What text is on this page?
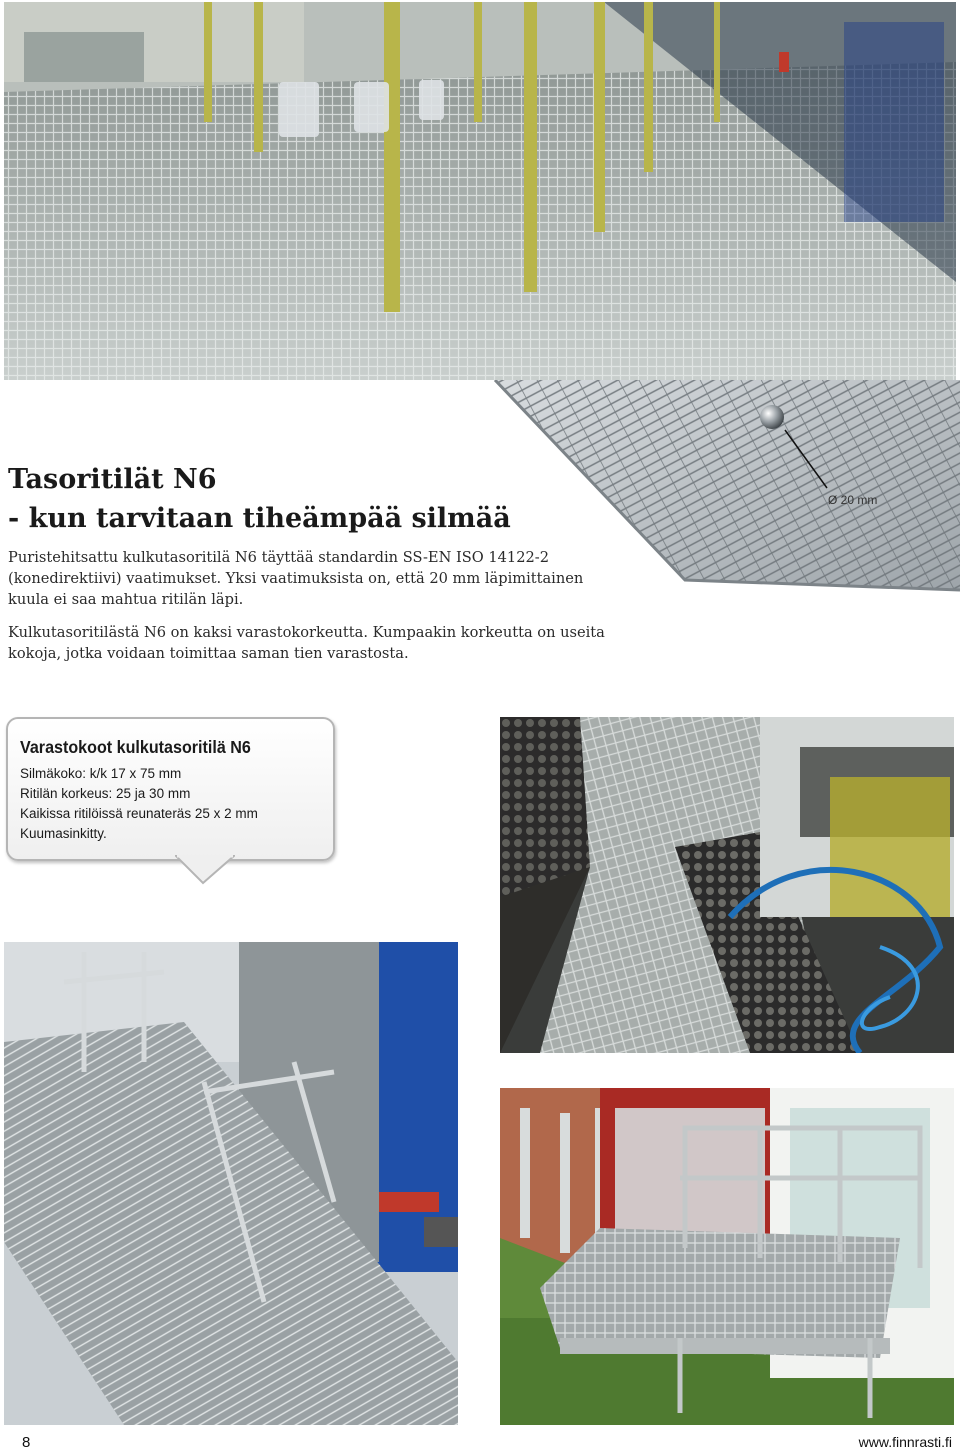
Ø 20 mm
Tasoritilät N6
- kun tarvitaan tiheämpää silmää

Puristehitsattu kulkutasoritilä N6 täyttää standardin SS-EN ISO 14122-2 (konedirektiivi) vaatimukset. Yksi vaatimuksista on, että 20 mm läpimittainen kuula ei saa mahtua ritilän läpi.

Kulkutasoritilästä N6 on kaksi varastokorkeutta. Kumpaakin korkeutta on useita kokoja, jotka voidaan toimittaa saman tien varastosta.

Varastokoot kulkutasoritilä N6
Silmäkoko: k/k 17 x 75 mm
Ritilän korkeus: 25 ja 30 mm
Kaikissa ritilöissä reunateräs 25 x 2 mm
Kuumasinkitty.
8	www.finnrasti.fi
